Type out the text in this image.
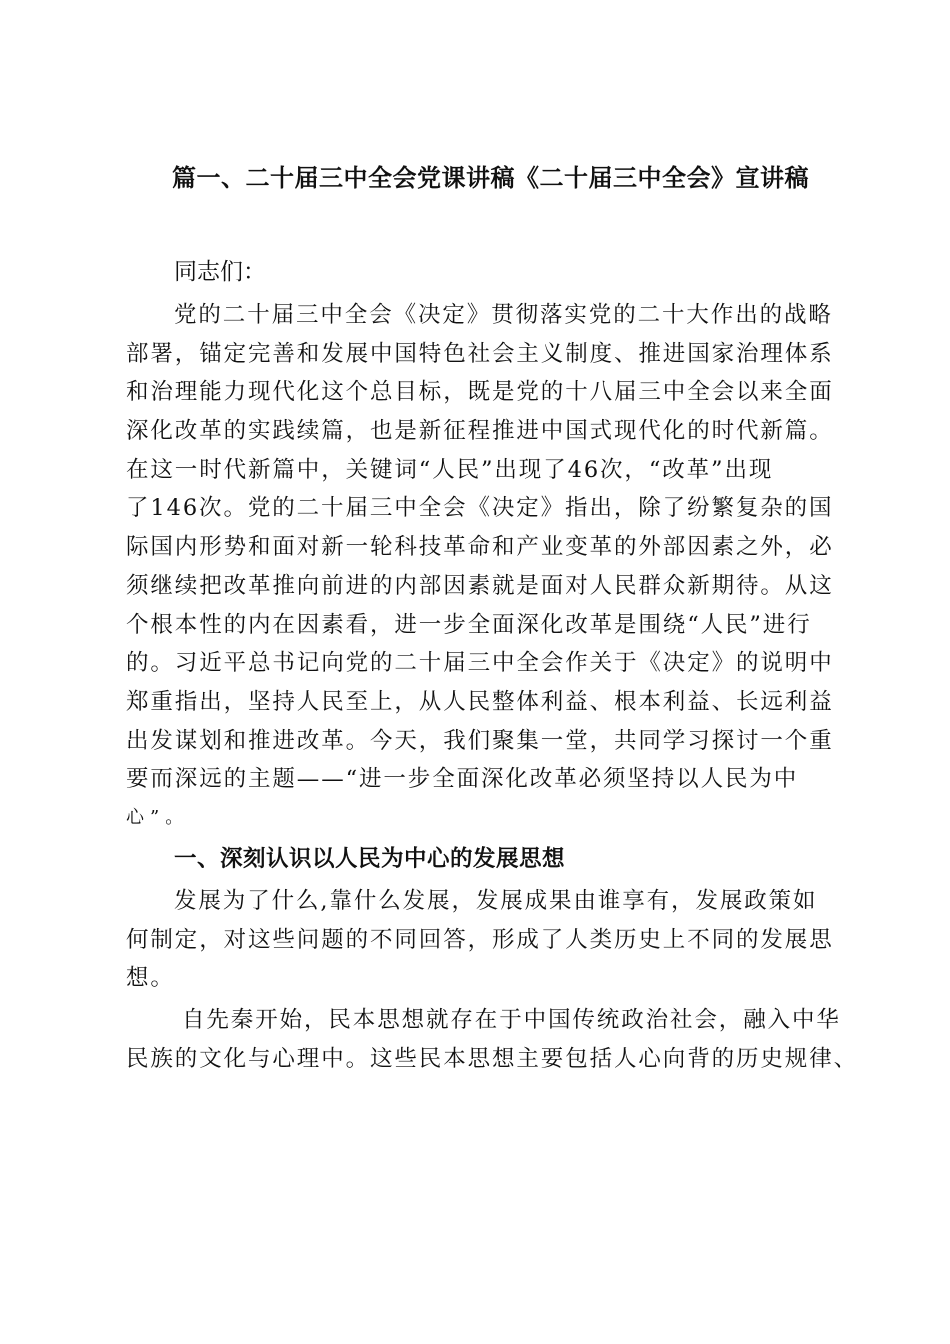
篇一、二十届三中全会党课讲稿《二十届三中全会》宣讲稿

同志们：

党的二十届三中全会《决定》贯彻落实党的二十大作出的战略
部署，锚定完善和发展中国特色社会主义制度、推进国家治理体系
和治理能力现代化这个总目标，既是党的十八届三中全会以来全面
深化改革的实践续篇，也是新征程推进中国式现代化的时代新篇。
在这一时代新篇中，关键词“人民”出现了46次，“改革”出现
了146次。党的二十届三中全会《决定》指出，除了纷繁复杂的国
际国内形势和面对新一轮科技革命和产业变革的外部因素之外，必
须继续把改革推向前进的内部因素就是面对人民群众新期待。从这
个根本性的内在因素看，进一步全面深化改革是围绕“人民”进行
的。习近平总书记向党的二十届三中全会作关于《决定》的说明中
郑重指出，坚持人民至上，从人民整体利益、根本利益、长远利益
出发谋划和推进改革。今天，我们聚集一堂，共同学习探讨一个重
要而深远的主题——“进一步全面深化改革必须坚持以人民为中
心”。
一、深刻认识以人民为中心的发展思想
发展为了什么,靠什么发展，发展成果由谁享有，发展政策如
何制定，对这些问题的不同回答，形成了人类历史上不同的发展思
想。
自先秦开始，民本思想就存在于中国传统政治社会，融入中华
民族的文化与心理中。这些民本思想主要包括人心向背的历史规律、
